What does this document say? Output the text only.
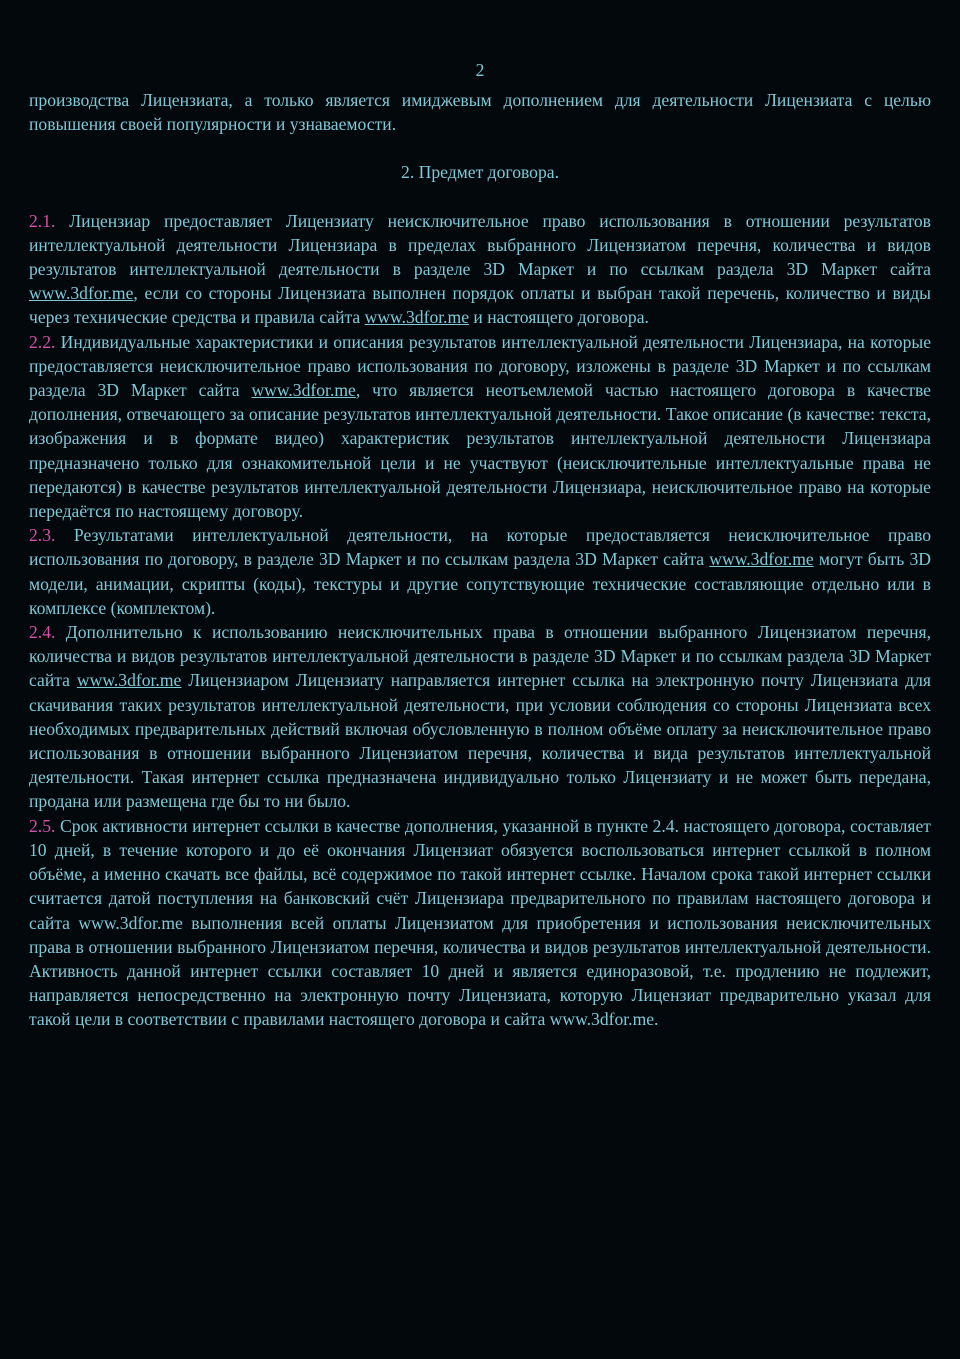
2

производства Лицензиата, а только является имиджевым дополнением для деятельности Лицензиата с целью повышения своей популярности и узнаваемости.

2. Предмет договора.

2.1. Лицензиар предоставляет Лицензиату неисключительное право использования в отношении результатов интеллектуальной деятельности Лицензиара в пределах выбранного Лицензиатом перечня, количества и видов результатов интеллектуальной деятельности в разделе 3D Маркет и по ссылкам раздела 3D Маркет сайта www.3dfor.me, если со стороны Лицензиата выполнен порядок оплаты и выбран такой перечень, количество и виды через технические средства и правила сайта www.3dfor.me и настоящего договора.

2.2. Индивидуальные характеристики и описания результатов интеллектуальной деятельности Лицензиара, на которые предоставляется неисключительное право использования по договору, изложены в разделе 3D Маркет и по ссылкам раздела 3D Маркет сайта www.3dfor.me, что является неотъемлемой частью настоящего договора в качестве дополнения, отвечающего за описание результатов интеллектуальной деятельности. Такое описание (в качестве: текста, изображения и в формате видео) характеристик результатов интеллектуальной деятельности Лицензиара предназначено только для ознакомительной цели и не участвуют (неисключительные интеллектуальные права не передаются) в качестве результатов интеллектуальной деятельности Лицензиара, неисключительное право на которые передаётся по настоящему договору.

2.3. Результатами интеллектуальной деятельности, на которые предоставляется неисключительное право использования по договору, в разделе 3D Маркет и по ссылкам раздела 3D Маркет сайта www.3dfor.me могут быть 3D модели, анимации, скрипты (коды), текстуры и другие сопутствующие технические составляющие отдельно или в комплексе (комплектом).

2.4. Дополнительно к использованию неисключительных права в отношении выбранного Лицензиатом перечня, количества и видов результатов интеллектуальной деятельности в разделе 3D Маркет и по ссылкам раздела 3D Маркет сайта www.3dfor.me Лицензиаром Лицензиату направляется интернет ссылка на электронную почту Лицензиата для скачивания таких результатов интеллектуальной деятельности, при условии соблюдения со стороны Лицензиата всех необходимых предварительных действий включая обусловленную в полном объёме оплату за неисключительное право использования в отношении выбранного Лицензиатом перечня, количества и вида результатов интеллектуальной деятельности. Такая интернет ссылка предназначена индивидуально только Лицензиату и не может быть передана, продана или размещена где бы то ни было.

2.5. Срок активности интернет ссылки в качестве дополнения, указанной в пункте 2.4. настоящего договора, составляет 10 дней, в течение которого и до её окончания Лицензиат обязуется воспользоваться интернет ссылкой в полном объёме, а именно скачать все файлы, всё содержимое по такой интернет ссылке. Началом срока такой интернет ссылки считается датой поступления на банковский счёт Лицензиара предварительного по правилам настоящего договора и сайта www.3dfor.me выполнения всей оплаты Лицензиатом для приобретения и использования неисключительных права в отношении выбранного Лицензиатом перечня, количества и видов результатов интеллектуальной деятельности. Активность данной интернет ссылки составляет 10 дней и является единоразовой, т.е. продлению не подлежит, направляется непосредственно на электронную почту Лицензиата, которую Лицензиат предварительно указал для такой цели в соответствии с правилами настоящего договора и сайта www.3dfor.me.
